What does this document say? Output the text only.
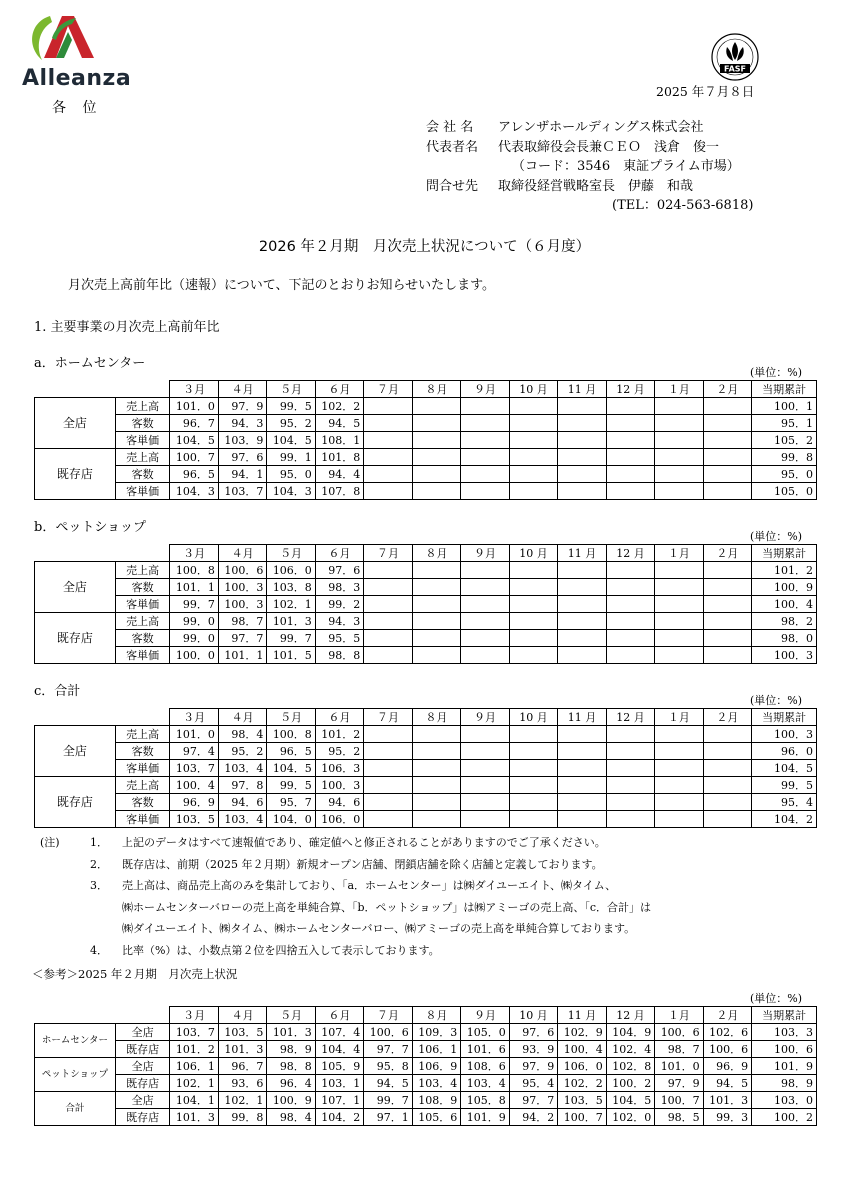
Alleanza
各 位
FASF
2025 年７月８日
会 社 名 アレンザホールディングス株式会社
代表者名 代表取締役会長兼ＣＥＯ　浅倉　俊一
（コード：3546　東証プライム市場）
問合せ先 取締役経営戦略室長　伊藤　和哉
(TEL：024-563-6818)
2026 年２月期　月次売上状況について（６月度）
月次売上高前年比（速報）について、下記のとおりお知らせいたします。
1. 主要事業の月次売上高前年比
a．ホームセンター
(単位：%)
		３月	４月	５月	６月	７月	８月	９月	10 月	11 月	12 月	１月	２月	当期累計
全店	売上高	101．0	97．9	99．5	102．2									100．1
	客数	96．7	94．3	95．2	94．5									95．1
	客単価	104．5	103．9	104．5	108．1									105．2
既存店	売上高	100．7	97．6	99．1	101．8									99．8
	客数	96．5	94．1	95．0	94．4									95．0
	客単価	104．3	103．7	104．3	107．8									105．0
b．ペットショップ
(単位：%)
		３月	４月	５月	６月	７月	８月	９月	10 月	11 月	12 月	１月	２月	当期累計
全店	売上高	100．8	100．6	106．0	97．6									101．2
	客数	101．1	100．3	103．8	98．3									100．9
	客単価	99．7	100．3	102．1	99．2									100．4
既存店	売上高	99．0	98．7	101．3	94．3									98．2
	客数	99．0	97．7	99．7	95．5									98．0
	客単価	100．0	101．1	101．5	98．8									100．3
c．合計
(単位：%)
		３月	４月	５月	６月	７月	８月	９月	10 月	11 月	12 月	１月	２月	当期累計
全店	売上高	101．0	98．4	100．8	101．2									100．3
	客数	97．4	95．2	96．5	95．2									96．0
	客単価	103．7	103．4	104．5	106．3									104．5
既存店	売上高	100．4	97．8	99．5	100．3									99．5
	客数	96．9	94．6	95．7	94．6									95．4
	客単価	103．5	103．4	104．0	106．0									104．2
(単位：%)
		３月	４月	５月	６月	７月	８月	９月	10 月	11 月	12 月	１月	２月	当期累計
ホームセンター	全店	103．7	103．5	101．3	107．4	100．6	109．3	105．0	97．6	102．9	104．9	100．6	102．6	103．3
	既存店	101．2	101．3	98．9	104．4	97．7	106．1	101．6	93．9	100．4	102．4	98．7	100．6	100．6
ペットショップ	全店	106．1	96．7	98．8	105．9	95．8	106．9	108．6	97．9	106．0	102．8	101．0	96．9	101．9
	既存店	102．1	93．6	96．4	103．1	94．5	103．4	103．4	95．4	102．2	100．2	97．9	94．5	98．9
合計	全店	104．1	102．1	100．9	107．1	99．7	108．9	105．8	97．7	103．5	104．5	100．7	101．3	103．0
	既存店	101．3	99．8	98．4	104．2	97．1	105．6	101．9	94．2	100．7	102．0	98．5	99．3	100．2
(注)	1． 上記のデータはすべて速報値であり、確定値へと修正されることがありますのでご了承ください。
2． 既存店は、前期（2025 年２月期）新規オープン店舗、閉鎖店舗を除く店舗と定義しております。
3． 売上高は、商品売上高のみを集計しており、「a．ホームセンター」は㈱ダイユーエイト、㈱タイム、
㈱ホームセンターバローの売上高を単純合算、「b．ペットショップ」は㈱アミーゴの売上高、「c．合計」は
㈱ダイユーエイト、㈱タイム、㈱ホームセンターバロー、㈱アミーゴの売上高を単純合算しております。
4． 比率（%）は、小数点第２位を四捨五入して表示しております。
＜参考＞2025 年２月期　月次売上状況
